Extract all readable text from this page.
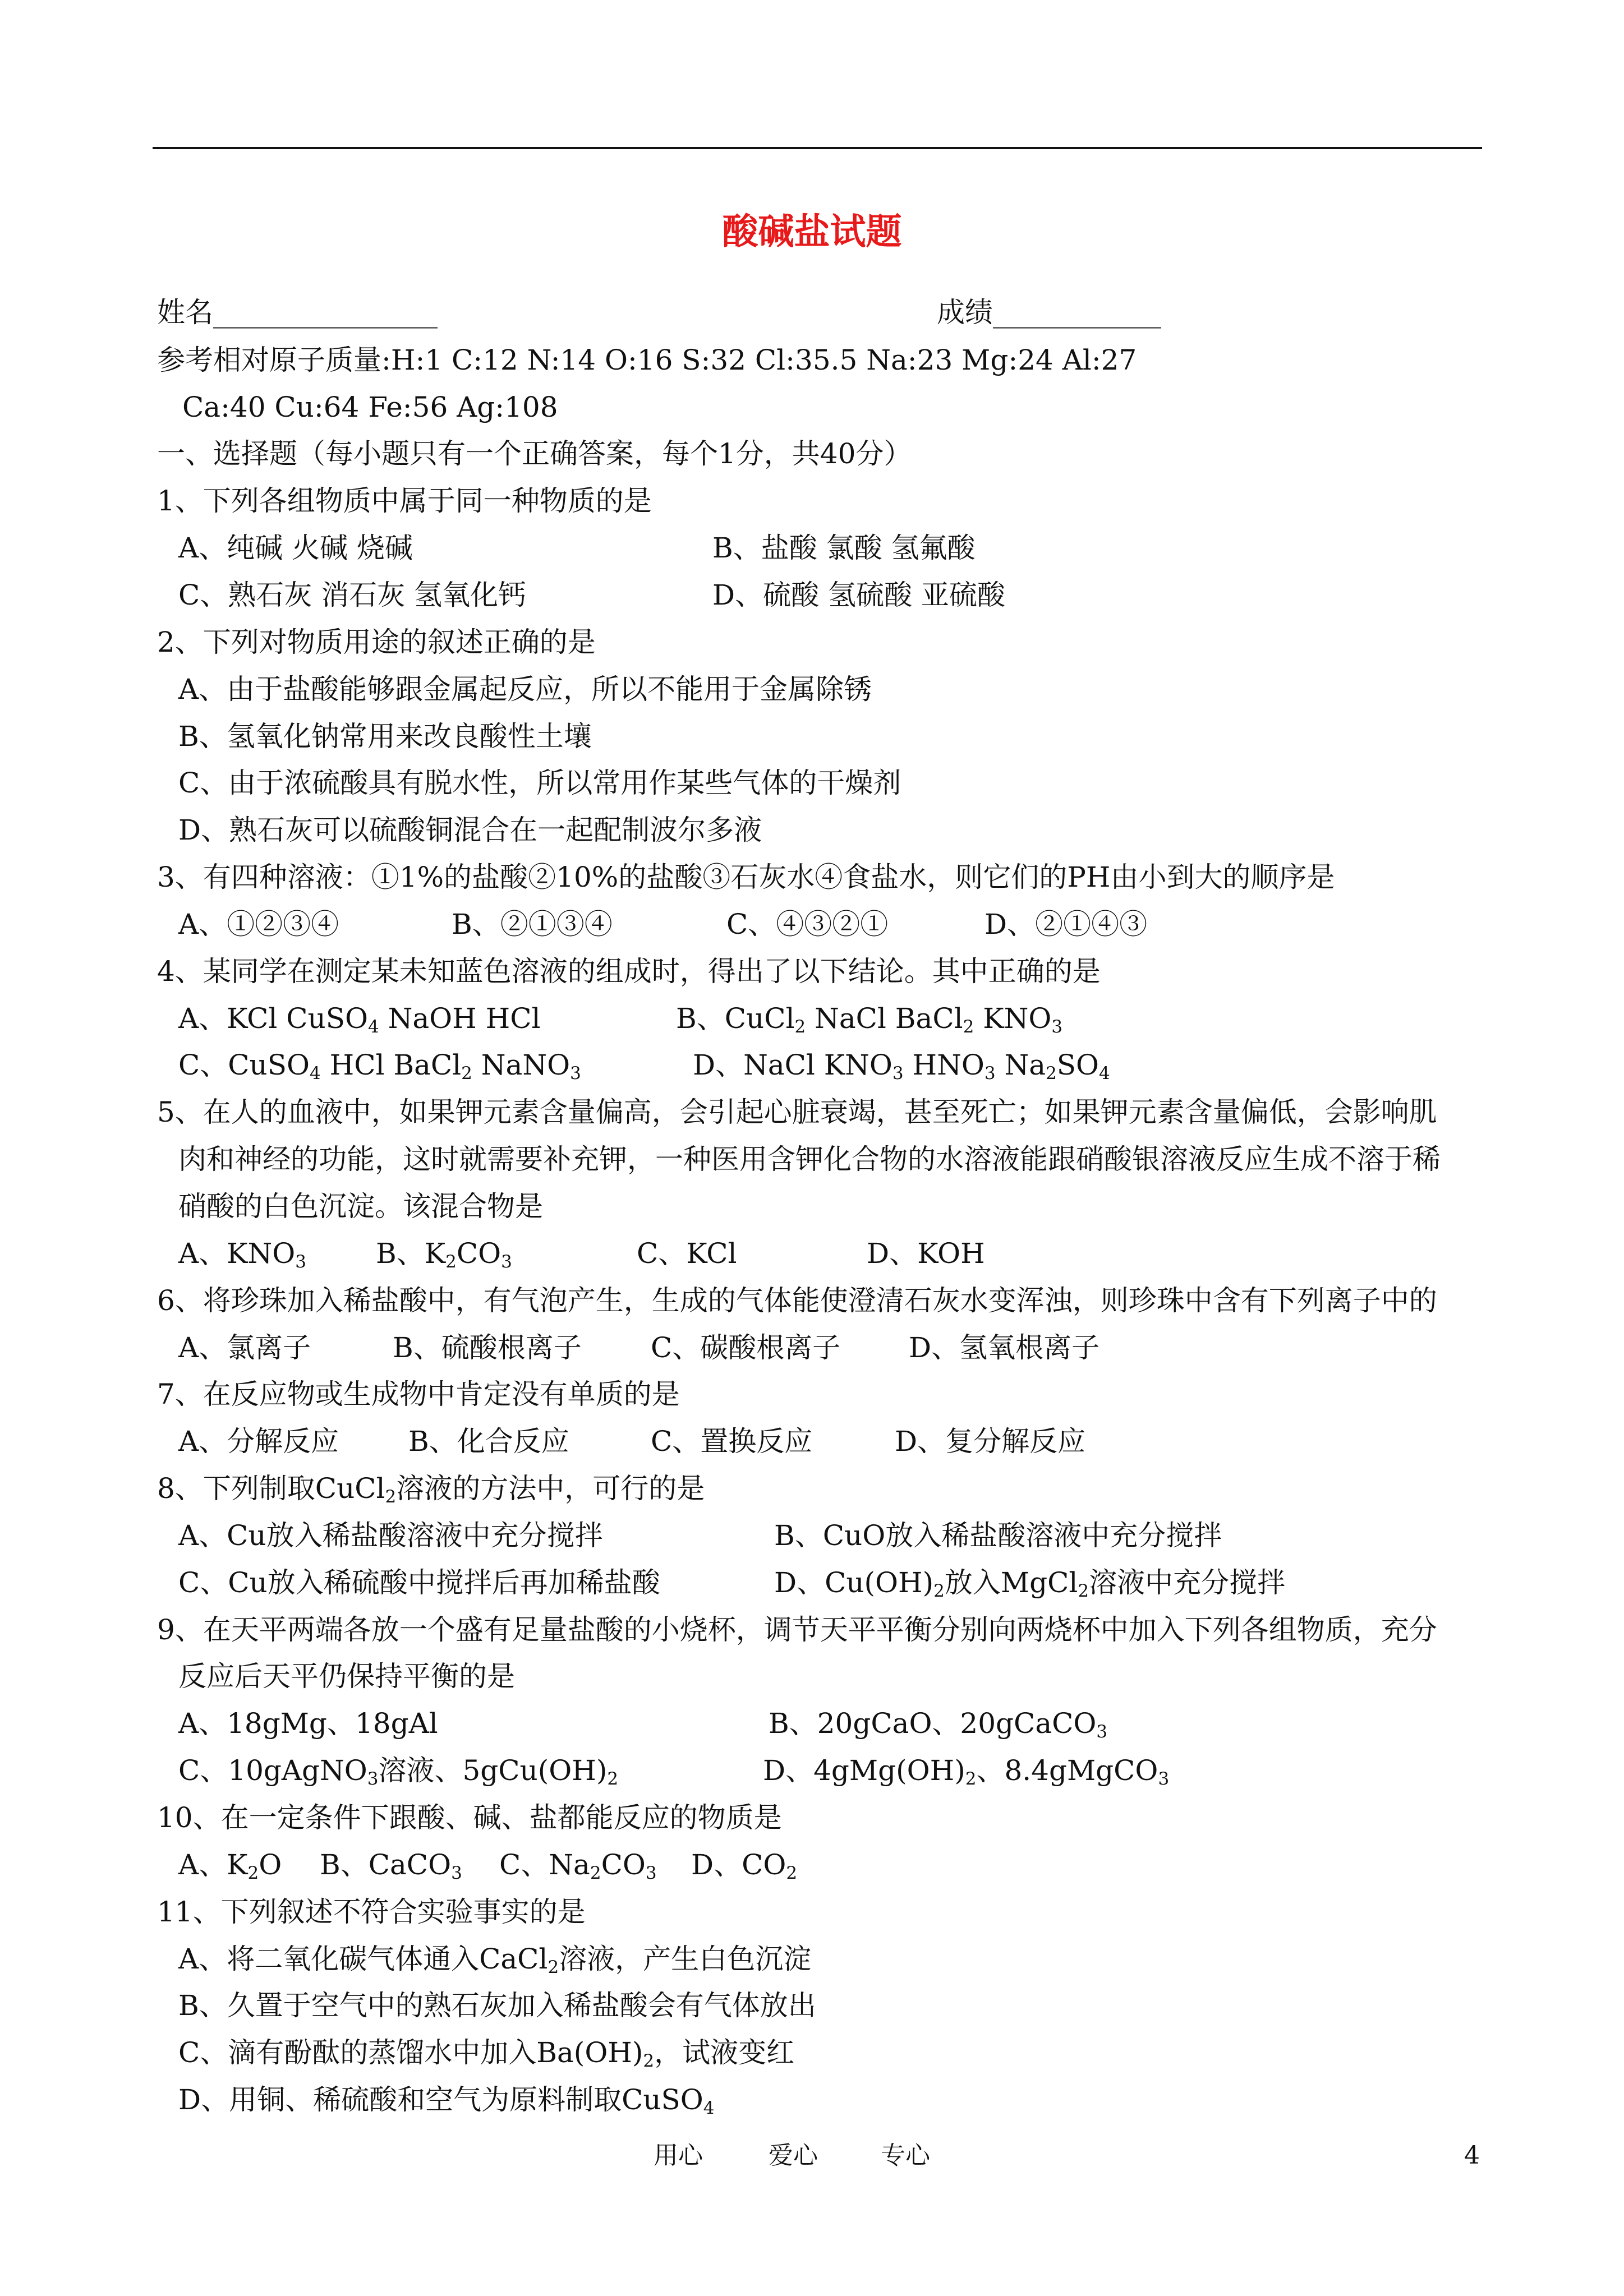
酸碱盐试题
姓名________________	成绩____________
参考相对原子质量:H:1 C:12 N:14 O:16 S:32 Cl:35.5 Na:23 Mg:24 Al:27
Ca:40 Cu:64 Fe:56 Ag:108
一、选择题（每小题只有一个正确答案，每个1分，共40分）
1、下列各组物质中属于同一种物质的是
A、纯碱 火碱 烧碱	B、盐酸 氯酸 氢氟酸
C、熟石灰 消石灰 氢氧化钙	D、硫酸 氢硫酸 亚硫酸
2、下列对物质用途的叙述正确的是
A、由于盐酸能够跟金属起反应，所以不能用于金属除锈
B、氢氧化钠常用来改良酸性土壤
C、由于浓硫酸具有脱水性，所以常用作某些气体的干燥剂
D、熟石灰可以硫酸铜混合在一起配制波尔多液
3、有四种溶液：①1%的盐酸②10%的盐酸③石灰水④食盐水，则它们的PH由小到大的顺序是
A、①②③④	B、②①③④	C、④③②①	D、②①④③
4、某同学在测定某未知蓝色溶液的组成时，得出了以下结论。其中正确的是
A、KCl CuSO$_4$ NaOH HCl	B、CuCl$_2$ NaCl BaCl$_2$ $KNO_3$
C、CuSO$_4$ HCl BaCl$_2$ NaNO$_3$	D、NaCl $KNO_3$ $HNO_3$ $Na_2SO_4$
5、在人的血液中，如果钾元素含量偏高，会引起心脏衰竭，甚至死亡；如果钾元素含量偏低，会影响肌
肉和神经的功能，这时就需要补充钾，一种医用含钾化合物的水溶液能跟硝酸银溶液反应生成不溶于稀
硝酸的白色沉淀。该混合物是
A、$KNO_3$ B、$K_2CO_3$	C、KCl	D、KOH
6、将珍珠加入稀盐酸中，有气泡产生，生成的气体能使澄清石灰水变浑浊，则珍珠中含有下列离子中的
A、氯离子	B、硫酸根离子 C、碳酸根离子 D、氢氧根离子
7、在反应物或生成物中肯定没有单质的是
A、分解反应 B、化合反应	C、置换反应	D、复分解反应
8、下列制取CuCl$_2$溶液的方法中，可行的是
A、Cu放入稀盐酸溶液中充分搅拌	B、CuO放入稀盐酸溶液中充分搅拌
C、Cu放入稀硫酸中搅拌后再加稀盐酸	D、$Cu(OH)_2$放入MgCl$_2$溶液中充分搅拌
9、在天平两端各放一个盛有足量盐酸的小烧杯，调节天平平衡分别向两烧杯中加入下列各组物质，充分
反应后天平仍保持平衡的是
A、18gMg、18gAl	B、20gCaO、20gCaCO$_3$
C、10gAgNO$_3$溶液、$5gCu(OH)_2$	D、$4gMg(OH)_2$、8.4gMgCO$_3$
10、在一定条件下跟酸、碱、盐都能反应的物质是
A、$K_2O$ B、CaCO$_3$ C、$Na_2CO_3$ D、$CO_2$
11、下列叙述不符合实验事实的是
A、将二氧化碳气体通入CaCl$_2$溶液，产生白色沉淀
B、久置于空气中的熟石灰加入稀盐酸会有气体放出
C、滴有酚酞的蒸馏水中加入$Ba(OH)_2$，试液变红
D、用铜、稀硫酸和空气为原料制取CuSO$_4$
用心	爱心	专心	4
